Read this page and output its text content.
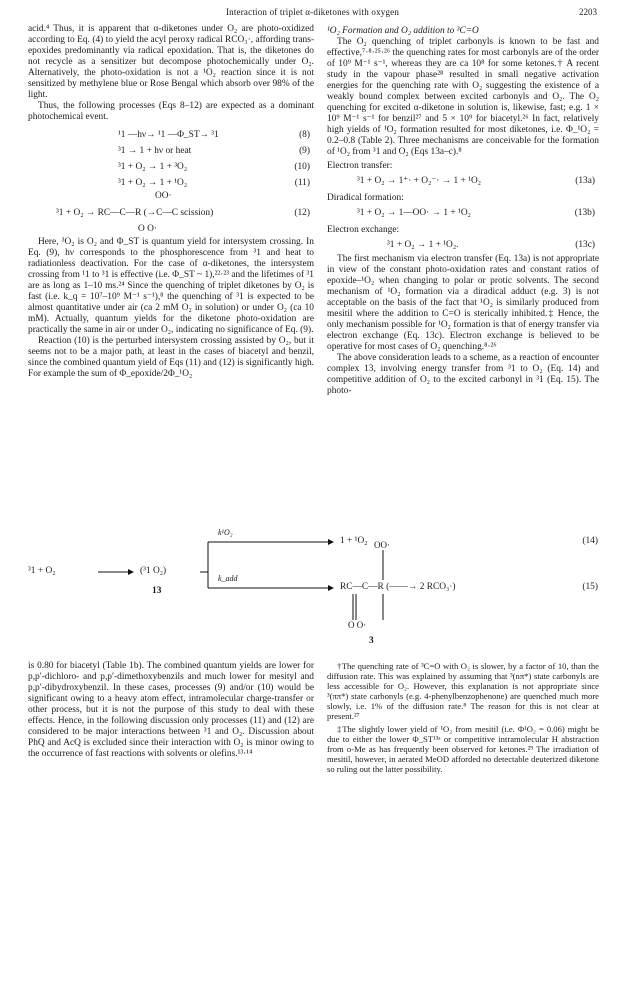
Interaction of triplet α-diketones with oxygen	2203

acid.⁴ Thus, it is apparent that α-diketones under O₂ are photo-oxidized according to Eq. (4) to yield the acyl peroxy radical RCO₃·, affording trans-epoxides predominantly via radical epoxidation. That is, the diketones do not recycle as a sensitizer but decompose photochemically under O₂. Alternatively, the photo-oxidation is not a ¹O₂ reaction since it is not sensitized by methylene blue or Rose Bengal which absorb over 98% of the light.

Thus, the following processes (Eqs 8–12) are expected as a dominant photochemical event.

¹1 —hν→ ¹1 —Φ_ST→ ³1	(8)
³1 → 1 + hν or heat	(9)
³1 + O₂ → 1 + ³O₂	(10)
³1 + O₂ → 1 + ¹O₂	(11)
OO·
³1 + O₂ → RC—C—R (→C—C scission)	(12)
O O·

Here, ³O₂ is O₂ and Φ_ST is quantum yield for intersystem crossing. In Eq. (9), hν corresponds to the phosphorescence from ³1 and heat to radiationless deactivation. For the case of α-diketones, the intersystem crossing from ¹1 to ³1 is effective (i.e. Φ_ST ~ 1),²²·²³ and the lifetimes of ³1 are as long as 1–10 ms.²⁴ Since the quenching of triplet diketones by O₂ is fast (i.e. k_q = 10⁷–10⁹ M⁻¹ s⁻¹),⁸ the quenching of ³1 is expected to be almost quantitative under air (ca 2 mM O₂ in solution) or under O₂ (ca 10 mM). Actually, quantum yields for the diketone photo-oxidation are practically the same in air or under O₂, indicating no significance of Eq. (9).

Reaction (10) is the perturbed intersystem crossing assisted by O₂, but it seems not to be a major path, at least in the cases of biacetyl and benzil, since the combined quantum yield of Eqs (11) and (12) is significantly high. For example the sum of Φ_epoxide/2Φ_¹O₂

¹O₂ Formation and O₂ addition to ³C=O

The O₂ quenching of triplet carbonyls is known to be fast and effective,⁷·⁸·²⁵·²⁶ the quenching rates for most carbonyls are of the order of 10⁹ M⁻¹ s⁻¹, whereas they are ca 10⁸ for some ketones.† A recent study in the vapour phase²⁸ resulted in small negative activation energies for the quenching rate with O₂ suggesting the existence of a weakly bound complex between excited carbonyls and O₂. The O₂ quenching for excited α-diketone in solution is, likewise, fast; e.g. 1 × 10⁹ M⁻¹ s⁻¹ for benzil²⁷ and 5 × 10⁹ for biacetyl.²⁶ In fact, relatively high yields of ¹O₂ formation resulted for most diketones, i.e. Φ_¹O₂ = 0.2–0.8 (Table 2). Three mechanisms are conceivable for the formation of ¹O₂ from ³1 and O₂ (Eqs 13a–c).⁸

Electron transfer:

³1 + O₂ → 1⁺· + O₂⁻· → 1 + ¹O₂	(13a)

Diradical formation:

³1 + O₂ → 1—OO· → 1 + ¹O₂	(13b)

Electron exchange:

³1 + O₂ → 1 + ¹O₂.	(13c)

The first mechanism via electron transfer (Eq. 13a) is not appropriate in view of the constant photo-oxidation rates and constant ratios of epoxide–¹O₂ when changing to polar or protic solvents. The second mechanism of ¹O₂ formation via a diradical adduct (e.g. 3) is not acceptable on the basis of the fact that ¹O₂ is similarly produced from mesitil where the addition to C=O is sterically inhibited.‡ Hence, the only mechanism possible for ¹O₂ formation is that of energy transfer via electron exchange (Eq. 13c). Electron exchange is believed to be operative for most cases of O₂ quenching.⁸·²⁶

The above consideration leads to a scheme, as a reaction of encounter complex 13, involving energy transfer from ³1 to O₂ (Eq. 14) and competitive addition of O₂ to the excited carbonyl in ³1 (Eq. 15). The photo-

³1 + O₂	(³1 O₂)
13
k¹O₂
k_add
1 + ¹O₂	(14)
OO·
RC—C—R (——→ 2 RCO₃·)	(15)
O O·
3

is 0.80 for biacetyl (Table 1b). The combined quantum yields are lower for p,p′-dichloro- and p,p′-dimethoxybenzils and much lower for mesityl and p,p′-dibydroxybenzil. In these cases, processes (9) and/or (10) would be significant owing to a heavy atom effect, intramolecular charge-transfer or other process, but it is not the purpose of this study to deal with these effects. Hence, in the following discussion only processes (11) and (12) are considered to be major interactions between ³1 and O₂. Discussion about PhQ and AcQ is excluded since their interaction with O₂ is minor owing to the occurrence of fast reactions with solvents or olefins.¹³·¹⁴

†The quenching rate of ³C=O with O₂ is slower, by a factor of 10, than the diffusion rate. This was explained by assuming that ³(nπ*) state carbonyls are less accessible for O₂. However, this explanation is not appropriate since ³(ππ*) state carbonyls (e.g. 4-phenylbenzophenone) are quenched much more slowly, i.e. 1% of the diffusion rate.⁸ The reason for this is not clear at present.²⁷

‡The slightly lower yield of ¹O₂ from mesitil (i.e. Φ¹O₂ = 0.06) might be due to either the lower Φ_ST¹³ᵃ or competitive intramolecular H abstraction from o-Me as has frequently been observed for ketones.²⁹ The irradiation of mesitil, however, in aerated MeOD afforded no detectable deuterized diketone so ruling out the latter possibility.
